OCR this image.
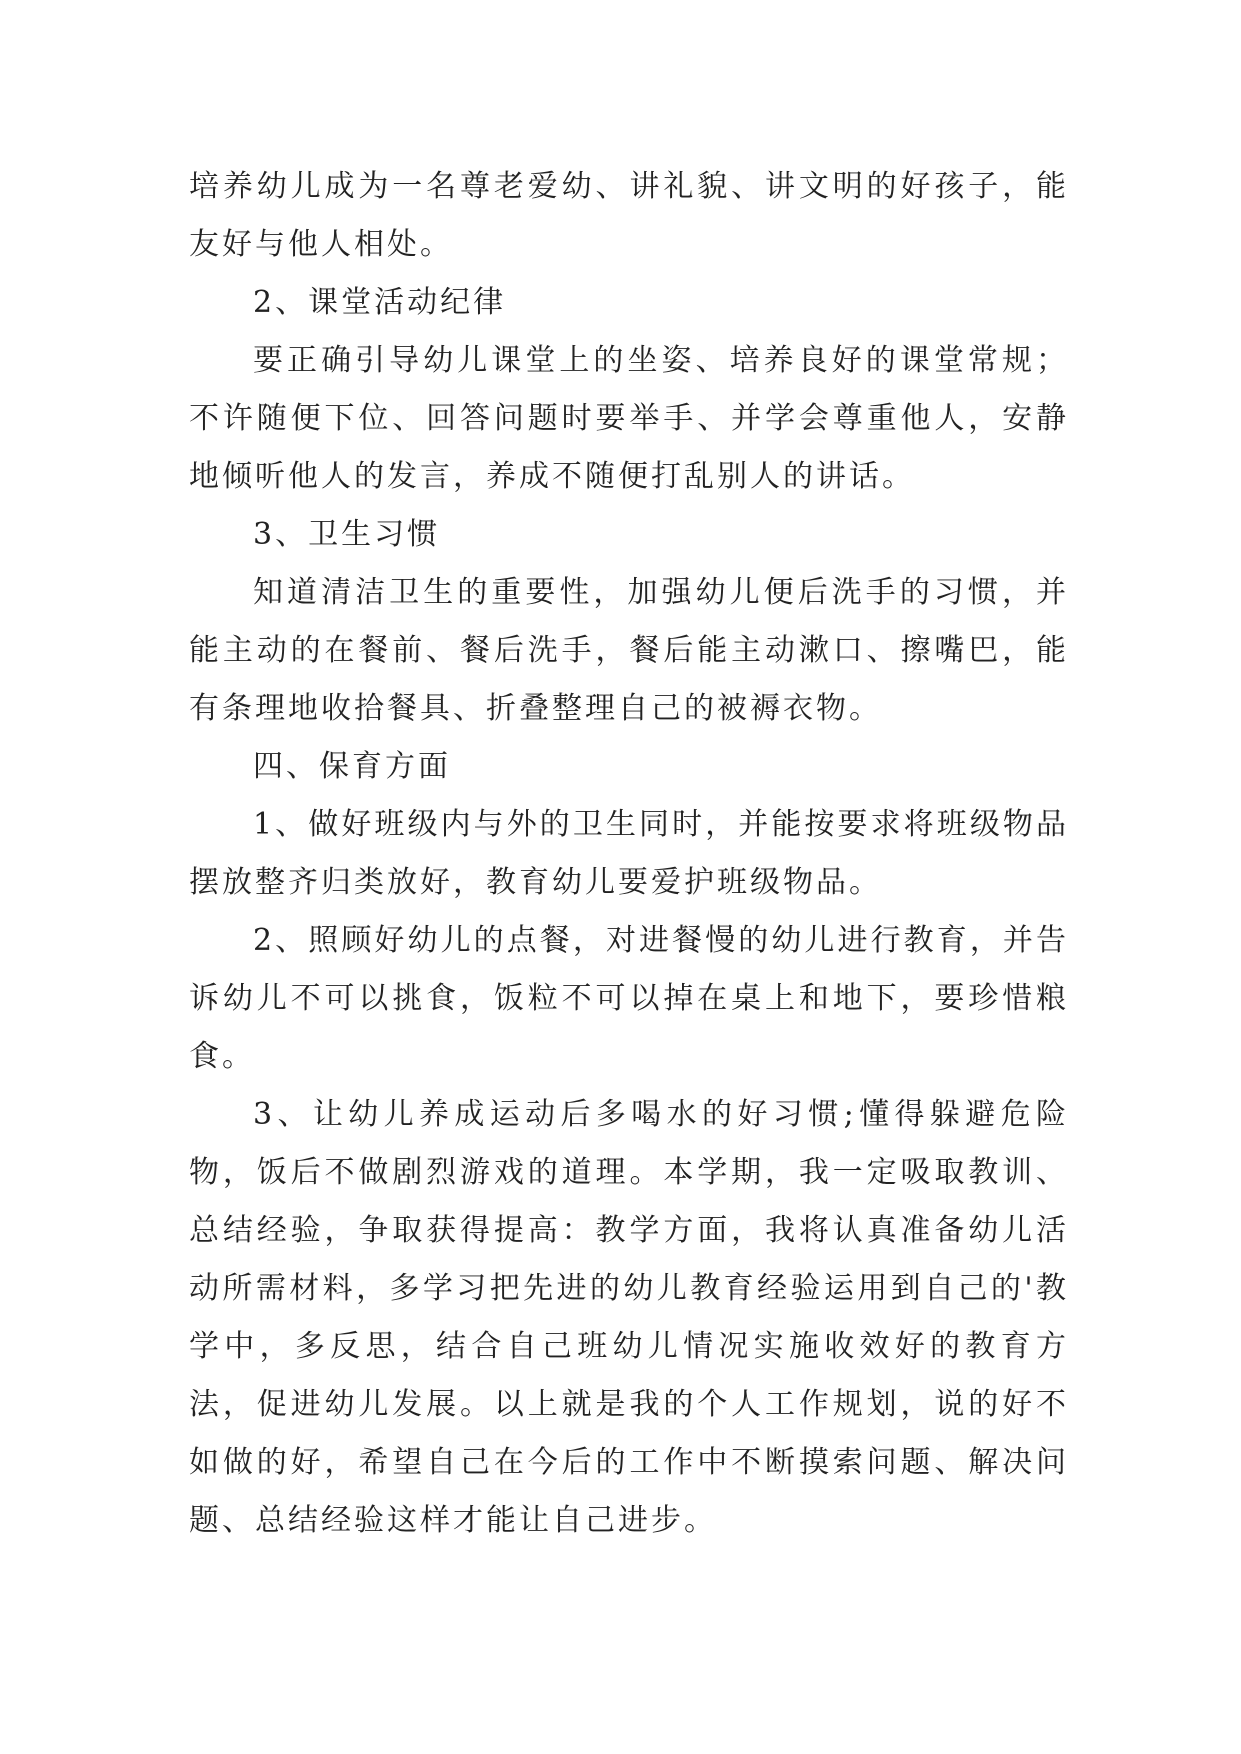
培养幼儿成为一名尊老爱幼、讲礼貌、讲文明的好孩子，能友好与他人相处。

2、课堂活动纪律

要正确引导幼儿课堂上的坐姿、培养良好的课堂常规；不许随便下位、回答问题时要举手、并学会尊重他人，安静地倾听他人的发言，养成不随便打乱别人的讲话。

3、卫生习惯

知道清洁卫生的重要性，加强幼儿便后洗手的习惯，并能主动的在餐前、餐后洗手，餐后能主动漱口、擦嘴巴，能有条理地收拾餐具、折叠整理自己的被褥衣物。

四、保育方面

1、做好班级内与外的卫生同时，并能按要求将班级物品摆放整齐归类放好，教育幼儿要爱护班级物品。

2、照顾好幼儿的点餐，对进餐慢的幼儿进行教育，并告诉幼儿不可以挑食，饭粒不可以掉在桌上和地下，要珍惜粮食。

3、让幼儿养成运动后多喝水的好习惯;懂得躲避危险物，饭后不做剧烈游戏的道理。本学期，我一定吸取教训、总结经验，争取获得提高：教学方面，我将认真准备幼儿活动所需材料，多学习把先进的幼儿教育经验运用到自己的'教学中，多反思，结合自己班幼儿情况实施收效好的教育方法，促进幼儿发展。以上就是我的个人工作规划，说的好不如做的好，希望自己在今后的工作中不断摸索问题、解决问题、总结经验这样才能让自己进步。
